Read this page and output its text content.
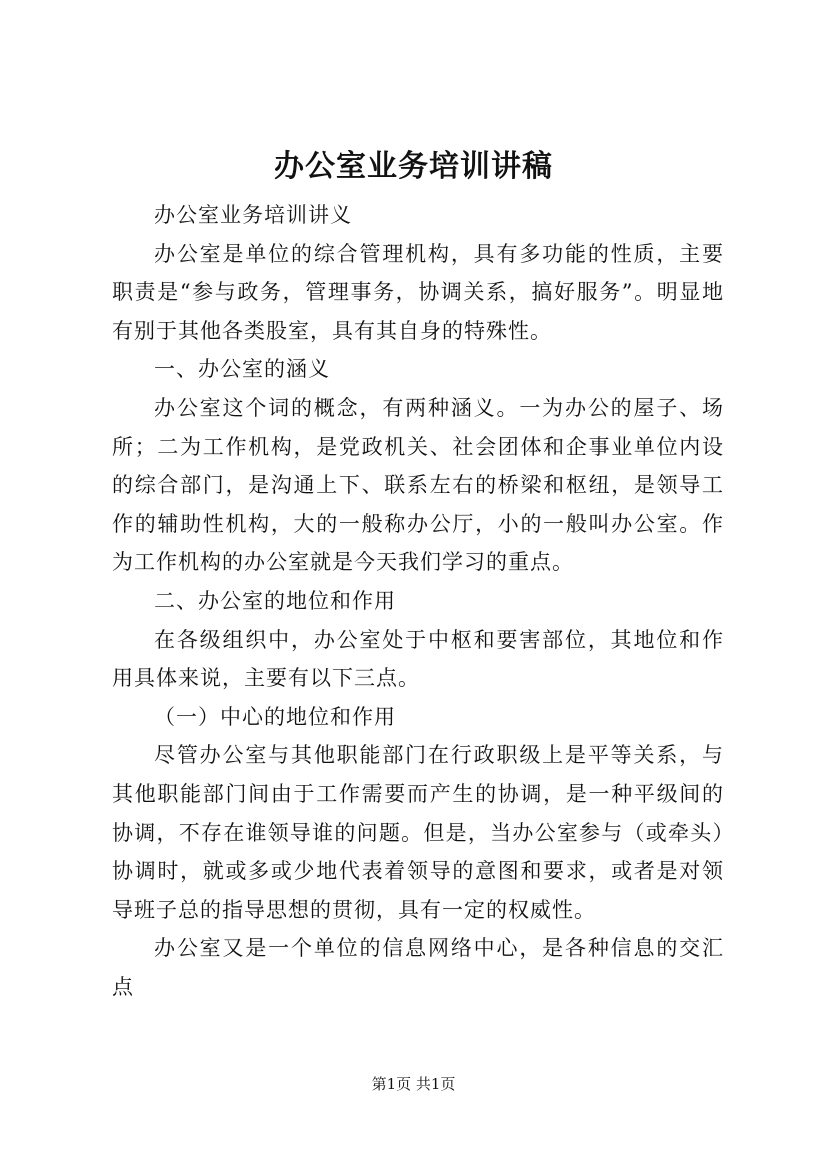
办公室业务培训讲稿

办公室业务培训讲义

办公室是单位的综合管理机构，具有多功能的性质，主要职责是“参与政务，管理事务，协调关系，搞好服务”。明显地有别于其他各类股室，具有其自身的特殊性。

一、办公室的涵义

办公室这个词的概念，有两种涵义。一为办公的屋子、场所；二为工作机构，是党政机关、社会团体和企事业单位内设的综合部门，是沟通上下、联系左右的桥梁和枢纽，是领导工作的辅助性机构，大的一般称办公厅，小的一般叫办公室。作为工作机构的办公室就是今天我们学习的重点。

二、办公室的地位和作用

在各级组织中，办公室处于中枢和要害部位，其地位和作用具体来说，主要有以下三点。

（一）中心的地位和作用

尽管办公室与其他职能部门在行政职级上是平等关系，与其他职能部门间由于工作需要而产生的协调，是一种平级间的协调，不存在谁领导谁的问题。但是，当办公室参与（或牵头）协调时，就或多或少地代表着领导的意图和要求，或者是对领导班子总的指导思想的贯彻，具有一定的权威性。

办公室又是一个单位的信息网络中心，是各种信息的交汇点

第1页 共1页
